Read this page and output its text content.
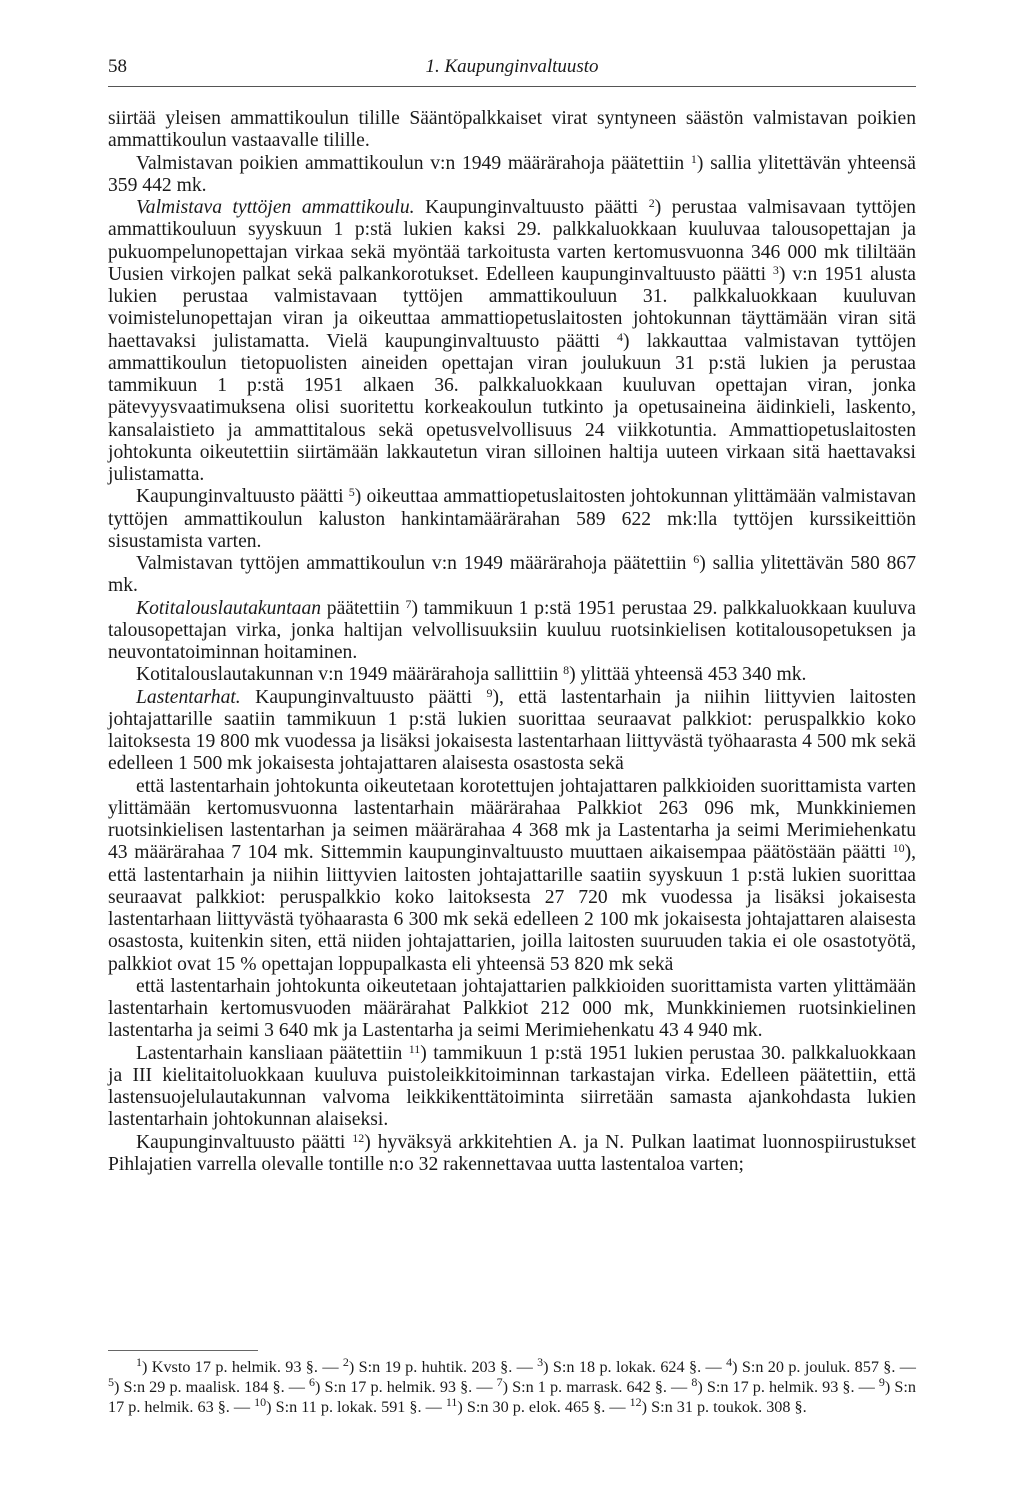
58	1. Kaupunginvaltuusto

siirtää yleisen ammattikoulun tilille Sääntöpalkkaiset virat syntyneen säästön valmistavan poikien ammattikoulun vastaavalle tilille.

Valmistavan poikien ammattikoulun v:n 1949 määrärahoja päätettiin $^1$) sallia ylitettävän yhteensä 359 442 mk.

Valmistava tyttöjen ammattikoulu. Kaupunginvaltuusto päätti $^2$) perustaa valmisavaan tyttöjen ammattikouluun syyskuun 1 p:stä lukien kaksi 29. palkkaluokkaan kuuluvaa talousopettajan ja pukuompelunopettajan virkaa sekä myöntää tarkoitusta varten kertomusvuonna 346 000 mk tililtään Uusien virkojen palkat sekä palkankorotukset. Edelleen kaupunginvaltuusto päätti $^3$) v:n 1951 alusta lukien perustaa valmistavaan tyttöjen ammattikouluun 31. palkkaluokkaan kuuluvan voimistelunopettajan viran ja oikeuttaa ammattiopetuslaitosten johtokunnan täyttämään viran sitä haettavaksi julistamatta. Vielä kaupunginvaltuusto päätti $^4$) lakkauttaa valmistavan tyttöjen ammattikoulun tietopuolisten aineiden opettajan viran joulukuun 31 p:stä lukien ja perustaa tammikuun 1 p:stä 1951 alkaen 36. palkkaluokkaan kuuluvan opettajan viran, jonka pätevyysvaatimuksena olisi suoritettu korkeakoulun tutkinto ja opetusaineina äidinkieli, laskento, kansalaistieto ja ammattitalous sekä opetusvelvollisuus 24 viikkotuntia. Ammattiopetuslaitosten johtokunta oikeutettiin siirtämään lakkautetun viran silloinen haltija uuteen virkaan sitä haettavaksi julistamatta.

Kaupunginvaltuusto päätti $^5$) oikeuttaa ammattiopetuslaitosten johtokunnan ylittämään valmistavan tyttöjen ammattikoulun kaluston hankintamäärärahan 589 622 mk:lla tyttöjen kurssikeittiön sisustamista varten.

Valmistavan tyttöjen ammattikoulun v:n 1949 määrärahoja päätettiin $^6$) sallia ylitettävän 580 867 mk.

Kotitalouslautakuntaan päätettiin $^7$) tammikuun 1 p:stä 1951 perustaa 29. palkkaluokkaan kuuluva talousopettajan virka, jonka haltijan velvollisuuksiin kuuluu ruotsinkielisen kotitalousopetuksen ja neuvontatoiminnan hoitaminen.

Kotitalouslautakunnan v:n 1949 määrärahoja sallittiin $^8$) ylittää yhteensä 453 340 mk.

Lastentarhat. Kaupunginvaltuusto päätti $^9$), että lastentarhain ja niihin liittyvien laitosten johtajattarille saatiin tammikuun 1 p:stä lukien suorittaa seuraavat palkkiot: peruspalkkio koko laitoksesta 19 800 mk vuodessa ja lisäksi jokaisesta lastentarhaan liittyvästä työhaarasta 4 500 mk sekä edelleen 1 500 mk jokaisesta johtajattaren alaisesta osastosta sekä

että lastentarhain johtokunta oikeutetaan korotettujen johtajattaren palkkioiden suorittamista varten ylittämään kertomusvuonna lastentarhain määrärahaa Palkkiot 263 096 mk, Munkkiniemen ruotsinkielisen lastentarhan ja seimen määrärahaa 4 368 mk ja Lastentarha ja seimi Merimiehenkatu 43 määrärahaa 7 104 mk. Sittemmin kaupunginvaltuusto muuttaen aikaisempaa päätöstään päätti $^{10}$), että lastentarhain ja niihin liittyvien laitosten johtajattarille saatiin syyskuun 1 p:stä lukien suorittaa seuraavat palkkiot: peruspalkkio koko laitoksesta 27 720 mk vuodessa ja lisäksi jokaisesta lastentarhaan liittyvästä työhaarasta 6 300 mk sekä edelleen 2 100 mk jokaisesta johtajattaren alaisesta osastosta, kuitenkin siten, että niiden johtajattarien, joilla laitosten suuruuden takia ei ole osastotyötä, palkkiot ovat 15 % opettajan loppupalkasta eli yhteensä 53 820 mk sekä

että lastentarhain johtokunta oikeutetaan johtajattarien palkkioiden suorittamista varten ylittämään lastentarhain kertomusvuoden määrärahat Palkkiot 212 000 mk, Munkkiniemen ruotsinkielinen lastentarha ja seimi 3 640 mk ja Lastentarha ja seimi Merimiehenkatu 43 4 940 mk.

Lastentarhain kansliaan päätettiin $^{11}$) tammikuun 1 p:stä 1951 lukien perustaa 30. palkkaluokkaan ja III kielitaitoluokkaan kuuluva puistoleikkitoiminnan tarkastajan virka. Edelleen päätettiin, että lastensuojelulautakunnan valvoma leikkikenttätoiminta siirretään samasta ajankohdasta lukien lastentarhain johtokunnan alaiseksi.

Kaupunginvaltuusto päätti $^{12}$) hyväksyä arkkitehtien A. ja N. Pulkan laatimat luonnospiirustukset Pihlajatien varrella olevalle tontille n:o 32 rakennettavaa uutta lastentaloa varten;

$^1$) Kvsto 17 p. helmik. 93 §. — $^2$) S:n 19 p. huhtik. 203 §. — $^3$) S:n 18 p. lokak. 624 §. — $^4$) S:n 20 p. jouluk. 857 §. — $^5$) S:n 29 p. maalisk. 184 §. — $^6$) S:n 17 p. helmik. 93 §. — $^7$) S:n 1 p. marrask. 642 §. — $^8$) S:n 17 p. helmik. 93 §. — $^9$) S:n 17 p. helmik. 63 §. — $^{10}$) S:n 11 p. lokak. 591 §. — $^{11}$) S:n 30 p. elok. 465 §. — $^{12}$) S:n 31 p. toukok. 308 §.
